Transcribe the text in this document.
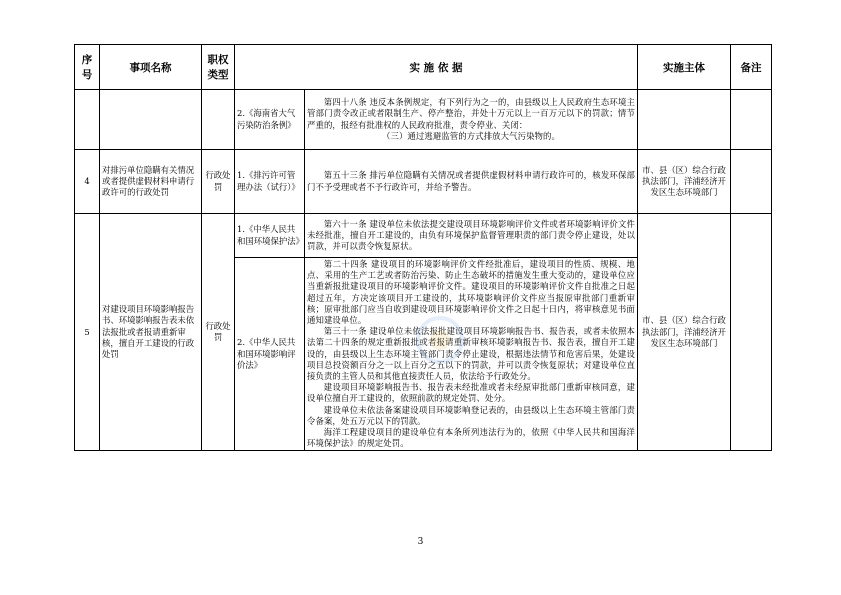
序号	事项名称	职权类型	实 施 依 据		实施主体	备注
			2.《海南省大气污染防治条例》	第四十八条 违反本条例规定，有下列行为之一的，由县级以上人民政府生态环境主管部门责令改正或者限制生产、停产整治，并处十万元以上一百万元以下的罚款；情节严重的，报经有批准权的人民政府批准，责令停业、关闭：

（三）通过逃避监管的方式排放大气污染物的。		

4	对排污单位隐瞒有关情况或者提供虚假材料申请行政许可的行政处罚	行政处罚	1.《排污许可管理办法（试行）》	第五十三条 排污单位隐瞒有关情况或者提供虚假材料申请行政许可的，核发环保部门不予受理或者不予行政许可，并给予警告。	市、县（区）综合行政执法部门，洋浦经济开发区生态环境部门	
5	对建设项目环境影响报告书、环境影响报告表未依法报批或者报请重新审核，擅自开工建设的行政处罚	行政处罚	1.《中华人民共和国环境保护法》	第六十一条 建设单位未依法提交建设项目环境影响评价文件或者环境影响评价文件未经批准，擅自开工建设的，由负有环境保护监督管理职责的部门责令停止建设，处以罚款，并可以责令恢复原状。	市、县（区）综合行政执法部门，洋浦经济开发区生态环境部门	
			2.《中华人民共和国环境影响评价法》	第二十四条 建设项目的环境影响评价文件经批准后，建设项目的性质、规模、地点、采用的生产工艺或者防治污染、防止生态破坏的措施发生重大变动的，建设单位应当重新报批建设项目的环境影响评价文件。建设项目的环境影响评价文件自批准之日起超过五年，方决定该项目开工建设的，其环境影响评价文件应当报原审批部门重新审核；原审批部门应当自收到建设项目环境影响评价文件之日起十日内，将审核意见书面通知建设单位。

第三十一条 建设单位未依法报批建设项目环境影响报告书、报告表，或者未依照本法第二十四条的规定重新报批或者报请重新审核环境影响报告书、报告表，擅自开工建设的，由县级以上生态环境主管部门责令停止建设，根据违法情节和危害后果，处建设项目总投资额百分之一以上百分之五以下的罚款，并可以责令恢复原状；对建设单位直接负责的主管人员和其他直接责任人员，依法给予行政处分。

建设项目环境影响报告书、报告表未经批准或者未经原审批部门重新审核同意，建设单位擅自开工建设的，依照前款的规定处罚、处分。

建设单位未依法备案建设项目环境影响登记表的，由县级以上生态环境主管部门责令备案，处五万元以下的罚款。

海洋工程建设项目的建设单位有本条所列违法行为的，依照《中华人民共和国海洋环境保护法》的规定处罚。		

3
